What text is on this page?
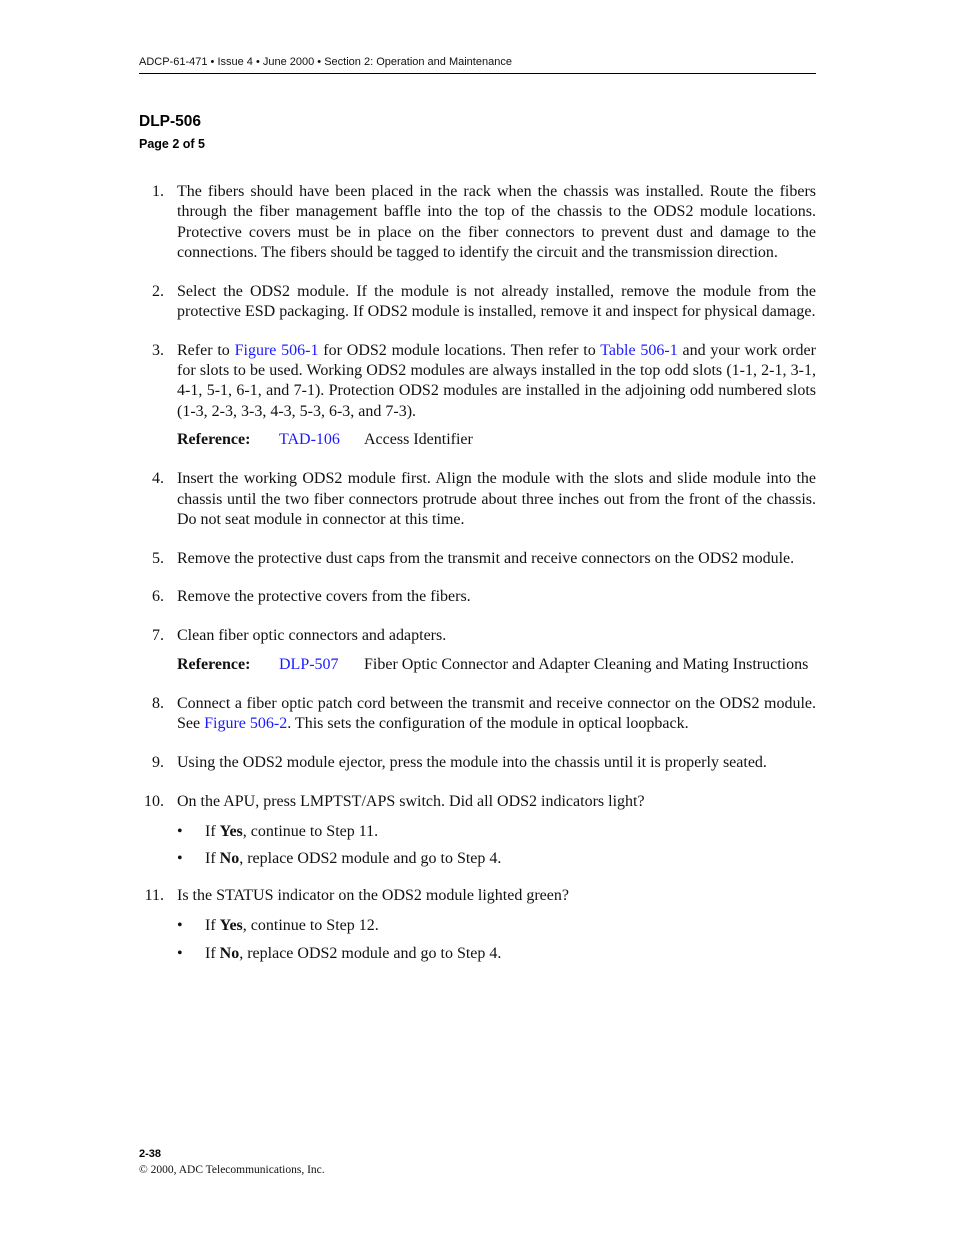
ADCP-61-471 • Issue 4 • June 2000 • Section 2: Operation and Maintenance
DLP-506
Page 2 of 5
1. The fibers should have been placed in the rack when the chassis was installed. Route the fibers through the fiber management baffle into the top of the chassis to the ODS2 module locations. Protective covers must be in place on the fiber connectors to prevent dust and damage to the connections. The fibers should be tagged to identify the circuit and the transmission direction.
2. Select the ODS2 module. If the module is not already installed, remove the module from the protective ESD packaging. If ODS2 module is installed, remove it and inspect for physical damage.
3. Refer to Figure 506-1 for ODS2 module locations. Then refer to Table 506-1 and your work order for slots to be used. Working ODS2 modules are always installed in the top odd slots (1-1, 2-1, 3-1, 4-1, 5-1, 6-1, and 7-1). Protection ODS2 modules are installed in the adjoining odd numbered slots (1-3, 2-3, 3-3, 4-3, 5-3, 6-3, and 7-3).
Reference:	TAD-106	Access Identifier
4. Insert the working ODS2 module first. Align the module with the slots and slide module into the chassis until the two fiber connectors protrude about three inches out from the front of the chassis. Do not seat module in connector at this time.
5. Remove the protective dust caps from the transmit and receive connectors on the ODS2 module.
6. Remove the protective covers from the fibers.
7. Clean fiber optic connectors and adapters.
Reference:	DLP-507	Fiber Optic Connector and Adapter Cleaning and Mating Instructions
8. Connect a fiber optic patch cord between the transmit and receive connector on the ODS2 module. See Figure 506-2. This sets the configuration of the module in optical loopback.
9. Using the ODS2 module ejector, press the module into the chassis until it is properly seated.
10. On the APU, press LMPTST/APS switch. Did all ODS2 indicators light?
• If Yes, continue to Step 11.
• If No, replace ODS2 module and go to Step 4.
11. Is the STATUS indicator on the ODS2 module lighted green?
• If Yes, continue to Step 12.
• If No, replace ODS2 module and go to Step 4.
2-38
© 2000, ADC Telecommunications, Inc.
